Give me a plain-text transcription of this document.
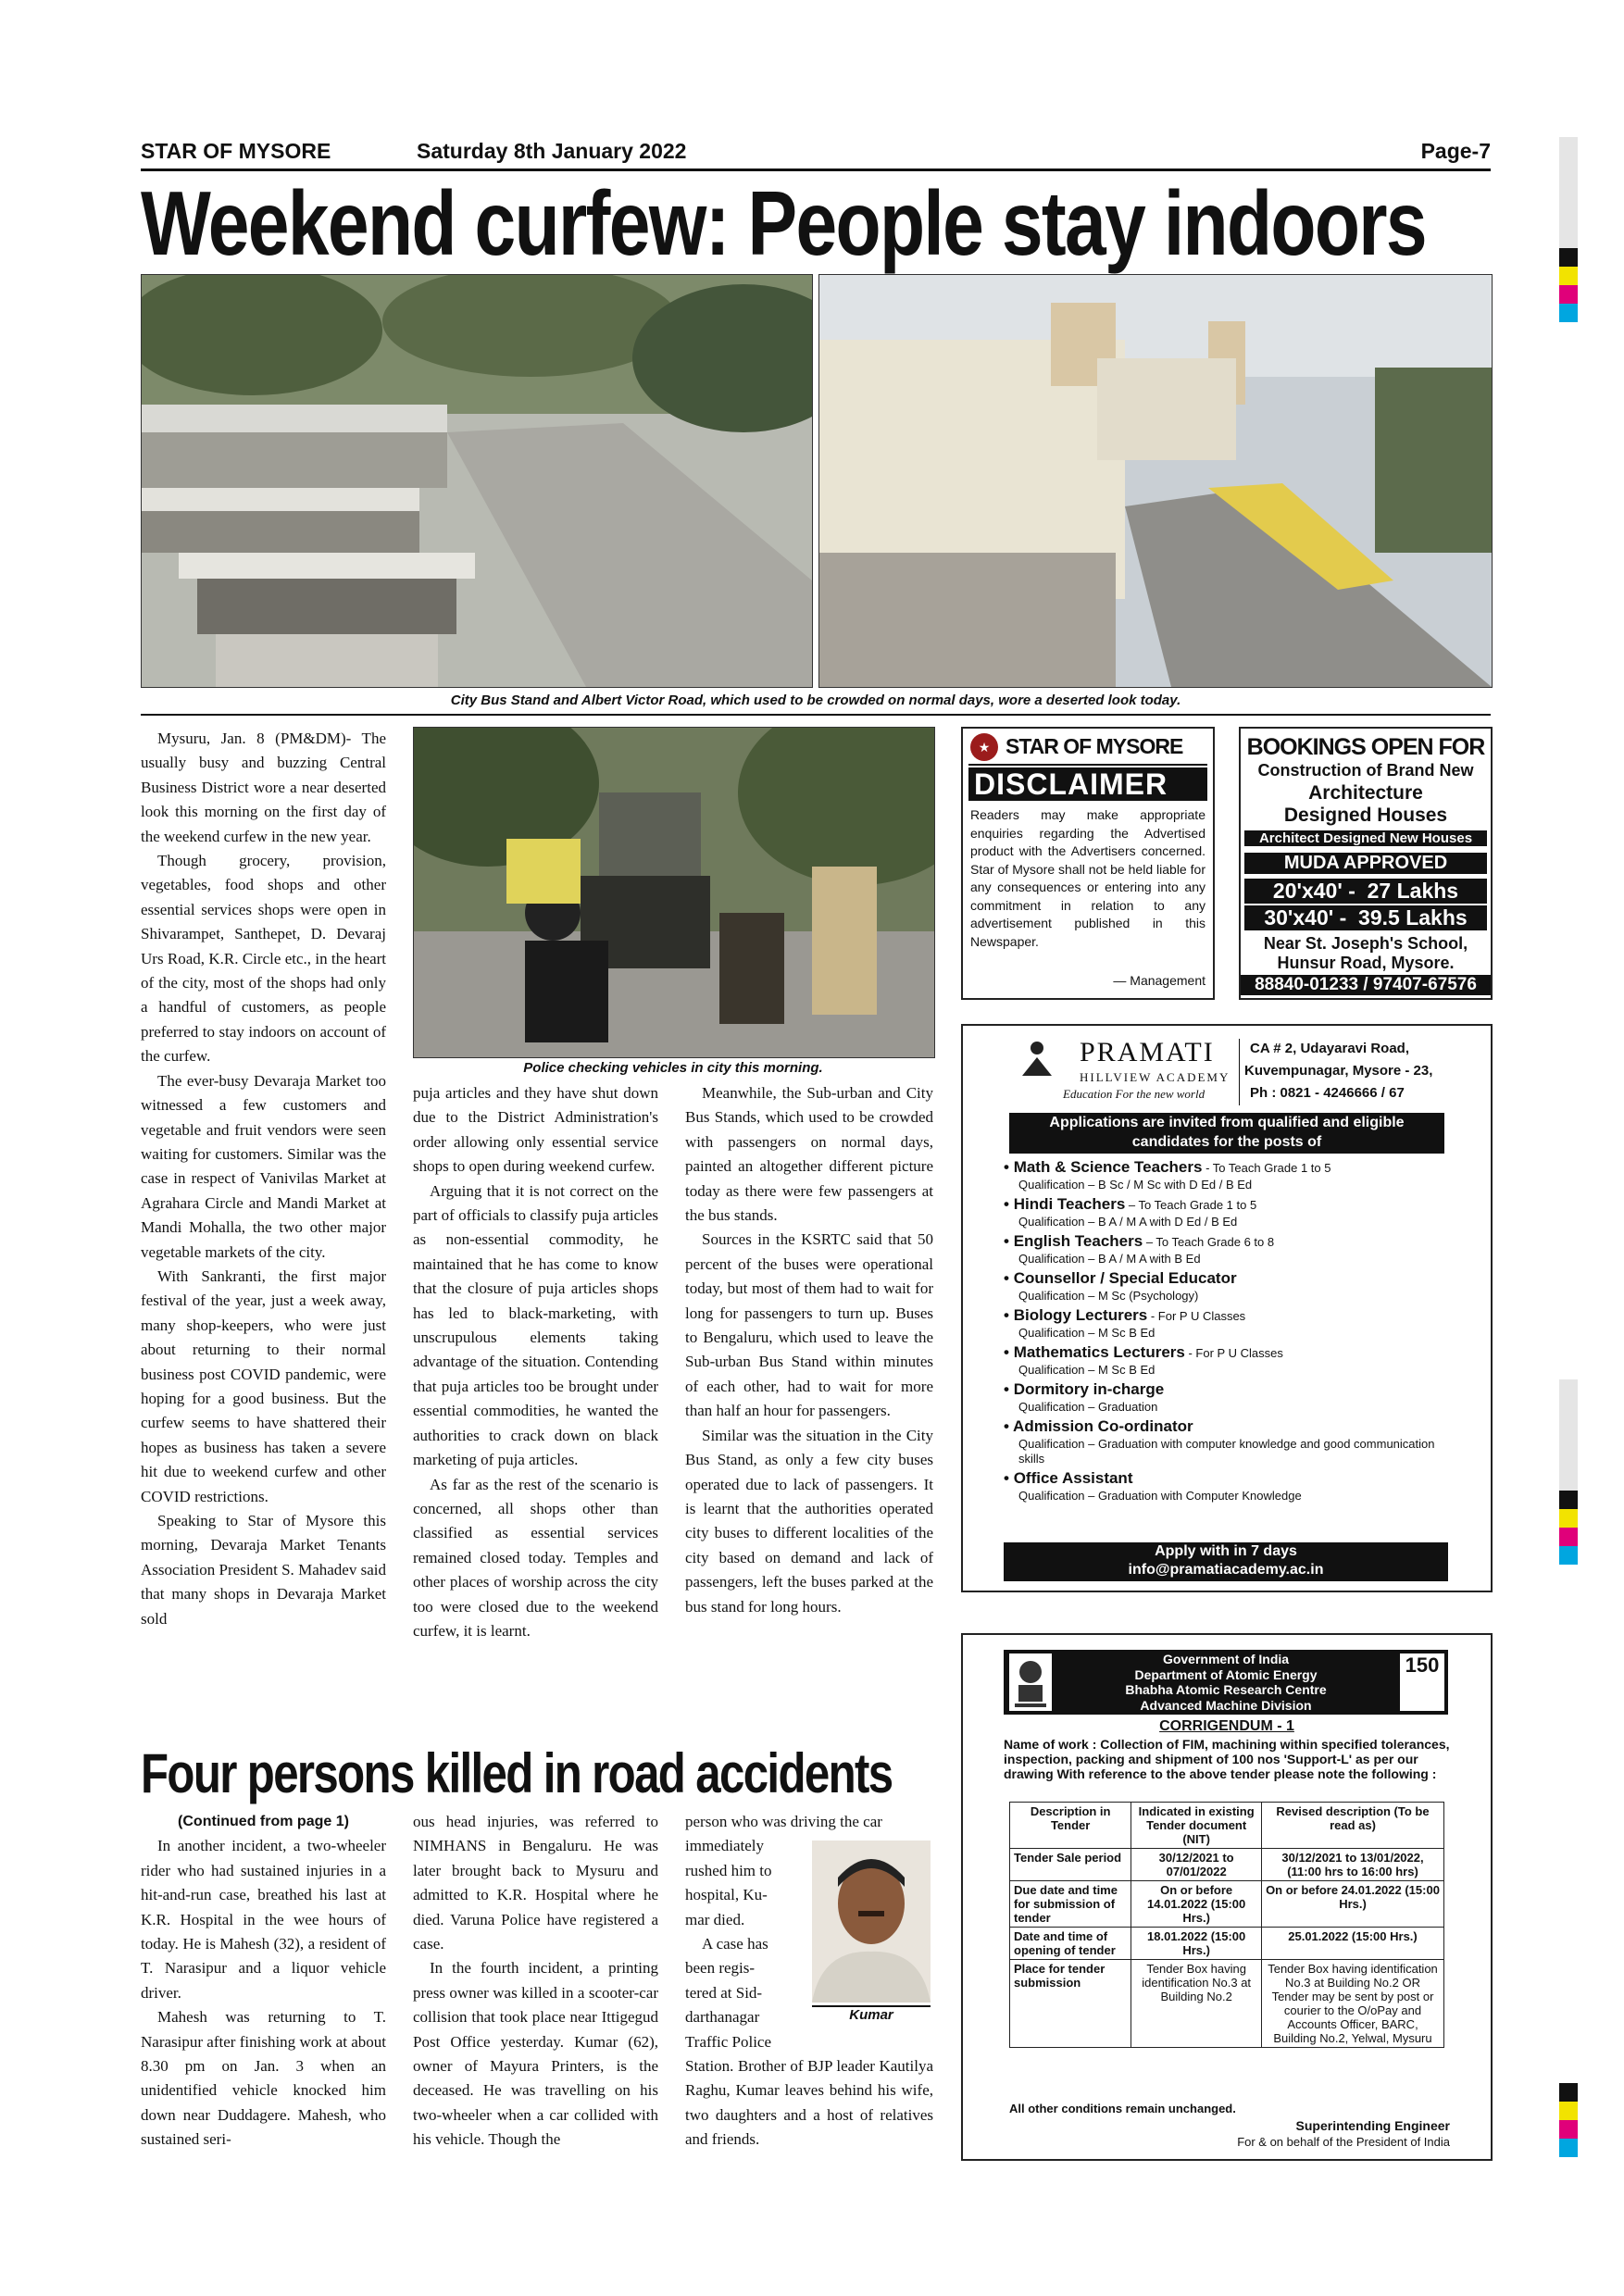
STAR OF MYSORE	Saturday 8th January 2022	Page-7
Weekend curfew: People stay indoors
City Bus Stand and Albert Victor Road, which used to be crowded on normal days, wore a deserted look today.

Mysuru, Jan. 8 (PM&DM)- The usually busy and buzzing Central Business District wore a near deserted look this morning on the first day of the weekend curfew in the new year.

Though grocery, provision, vegetables, food shops and other essential services shops were open in Shivarampet, Santhepet, D. Devaraj Urs Road, K.R. Circle etc., in the heart of the city, most of the shops had only a handful of customers, as people preferred to stay indoors on account of the curfew.

The ever-busy Devaraja Market too witnessed a few customers and vegetable and fruit vendors were seen waiting for customers. Similar was the case in respect of Vanivilas Market at Agrahara Circle and Mandi Market at Mandi Mohalla, the two other major vegetable markets of the city.

With Sankranti, the first major festival of the year, just a week away, many shop-keepers, who were just about returning to their normal business post COVID pandemic, were hoping for a good business. But the curfew seems to have shattered their hopes as business has taken a severe hit due to weekend curfew and other COVID restrictions.

Speaking to Star of Mysore this morning, Devaraja Market Tenants Association President S. Mahadev said that many shops in Devaraja Market sold

Police checking vehicles in city this morning.

puja articles and they have shut down due to the District Administration's order allowing only essential service shops to open during weekend curfew.

Arguing that it is not correct on the part of officials to classify puja articles as non-essential commodity, he maintained that he has come to know that the closure of puja articles shops has led to black-marketing, with unscrupulous elements taking advantage of the situation. Contending that puja articles too be brought under essential commodities, he wanted the authorities to crack down on black marketing of puja articles.

As far as the rest of the scenario is concerned, all shops other than classified as essential services remained closed today. Temples and other places of worship across the city too were closed due to the weekend curfew, it is learnt.

Meanwhile, the Sub-urban and City Bus Stands, which used to be crowded with passengers on normal days, painted an altogether different picture today as there were few passengers at the bus stands.

Sources in the KSRTC said that 50 percent of the buses were operational today, but most of them had to wait for long for passengers to turn up. Buses to Bengaluru, which used to leave the Sub-urban Bus Stand within minutes of each other, had to wait for more than half an hour for passengers.

Similar was the situation in the City Bus Stand, as only a few city buses operated due to lack of passengers. It is learnt that the authorities operated city buses to different localities of the city based on demand and lack of passengers, left the buses parked at the bus stand for long hours.

Four persons killed in road accidents

(Continued from page 1)

In another incident, a two-wheeler rider who had sustained injuries in a hit-and-run case, breathed his last at K.R. Hospital in the wee hours of today. He is Mahesh (32), a resident of T. Narasipur and a liquor vehicle driver.

Mahesh was returning to T. Narasipur after finishing work at about 8.30 pm on Jan. 3 when an unidentified vehicle knocked him down near Duddagere. Mahesh, who sustained seri-

ous head injuries, was referred to NIMHANS in Bengaluru. He was later brought back to Mysuru and admitted to K.R. Hospital where he died. Varuna Police have registered a case.

In the fourth incident, a printing press owner was killed in a scooter-car collision that took place near Ittigegud Post Office yesterday. Kumar (62), owner of Mayura Printers, is the deceased. He was travelling on his two-wheeler when a car collided with his vehicle. Though the

person who was driving the car
immediately
rushed him to
hospital, Ku-
mar died.
A case has
been regis-
tered at Sid-
darthanagar
Traffic Police
Station. Brother of BJP leader Kautilya Raghu, Kumar leaves behind his wife, two daughters and a host of relatives and friends.
Kumar
★ STAR OF MYSORE
DISCLAIMER
Readers may make appropriate enquiries regarding the Advertised product with the Advertisers concerned. Star of Mysore shall not be held liable for any consequences or entering into any commitment in relation to any advertisement published in this Newspaper.
— Management
BOOKINGS OPEN FOR
Construction of Brand New
Architecture
Designed Houses
Architect Designed New Houses
MUDA APPROVED
20'x40' -  27 Lakhs
30'x40' -  39.5 Lakhs
Near St. Joseph's School,
Hunsur Road, Mysore.
88840-01233 / 97407-67576
PRAMATI
HILLVIEW ACADEMY
Education For the new world
CA # 2, Udayaravi Road,
Kuvempunagar, Mysore - 23,
Ph : 0821 - 4246666 / 67
Applications are invited from qualified and eligible
candidates for the posts of
• Math & Science Teachers - To Teach Grade 1 to 5
Qualification – B Sc / M Sc with D Ed / B Ed
• Hindi Teachers – To Teach Grade 1 to 5
Qualification – B A / M A with D Ed / B Ed
• English Teachers – To Teach Grade 6 to 8
Qualification – B A / M A with B Ed
• Counsellor / Special Educator
Qualification – M Sc (Psychology)
• Biology Lecturers - For P U Classes
Qualification – M Sc B Ed
• Mathematics Lecturers - For P U Classes
Qualification – M Sc B Ed
• Dormitory in-charge
Qualification – Graduation
• Admission Co-ordinator
Qualification – Graduation with computer knowledge and good communication skills
• Office Assistant
Qualification – Graduation with Computer Knowledge
Apply with in 7 days
info@pramatiacademy.ac.in
Government of India
Department of Atomic Energy
Bhabha Atomic Research Centre
Advanced Machine Division
150
CORRIGENDUM - 1
Name of work : Collection of FIM, machining within specified tolerances, inspection, packing and shipment of 100 nos 'Support-L' as per our drawing With reference to the above tender please note the following :
Description in Tender	Indicated in existing Tender document (NIT)	Revised description (To be read as)
Tender Sale period	30/12/2021 to 07/01/2022	30/12/2021 to 13/01/2022, (11:00 hrs to 16:00 hrs)
Due date and time for submission of tender	On or before 14.01.2022 (15:00 Hrs.)	On or before 24.01.2022 (15:00 Hrs.)
Date and time of opening of tender	18.01.2022 (15:00 Hrs.)	25.01.2022 (15:00 Hrs.)
Place for tender submission	Tender Box having identification No.3 at Building No.2	Tender Box having identification No.3 at Building No.2 OR Tender may be sent by post or courier to the O/oPay and Accounts Officer, BARC, Building No.2, Yelwal, Mysuru
All other conditions remain unchanged.
Superintending Engineer
For & on behalf of the President of India
